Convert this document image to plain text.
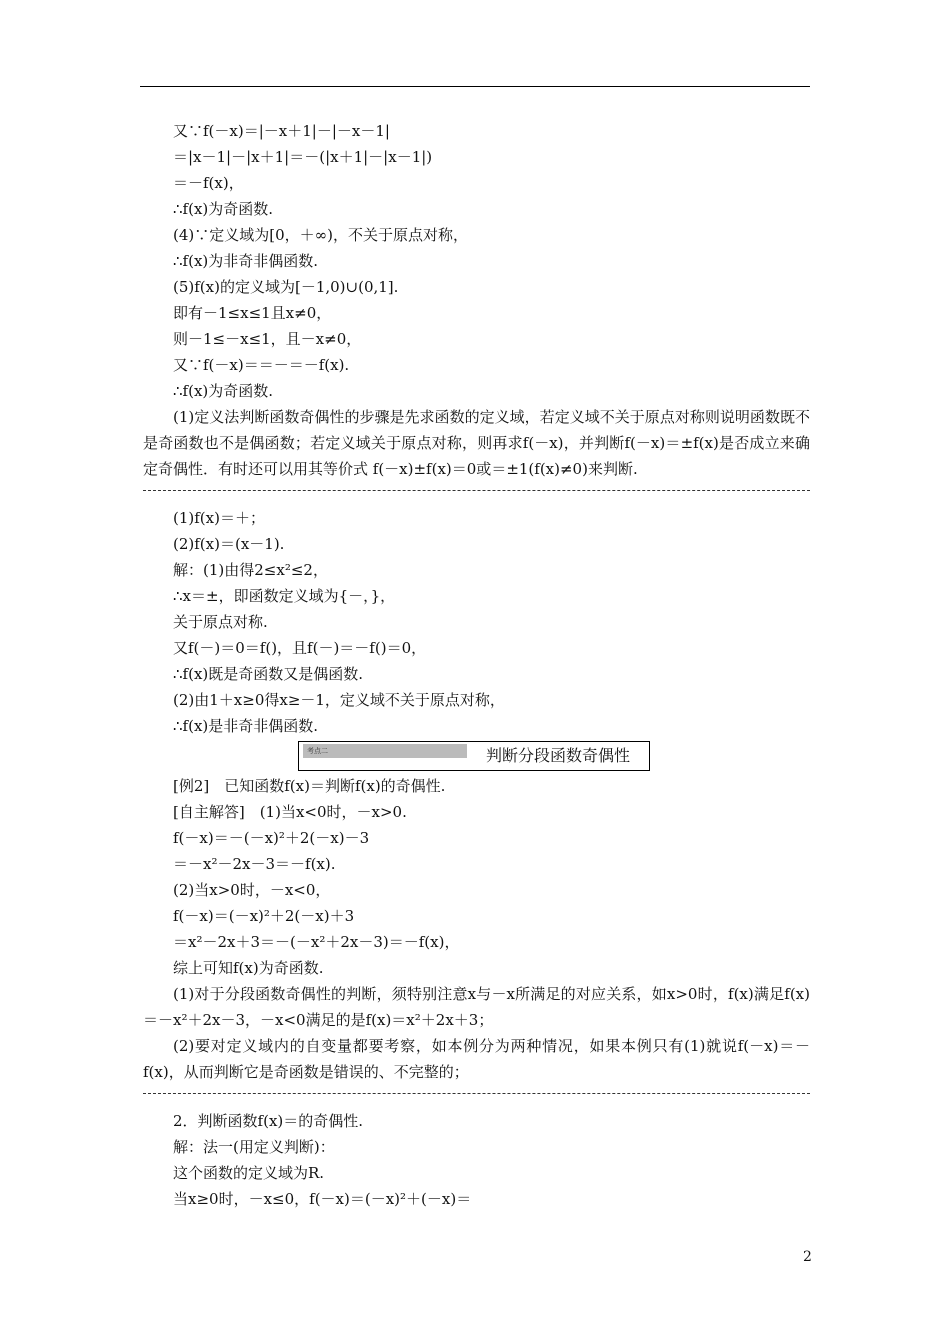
又∵f(－x)＝|－x＋1|－|－x－1|
＝|x－1|－|x＋1|＝－(|x＋1|－|x－1|)
＝－f(x)，
∴f(x)为奇函数.
(4)∵定义域为[0，＋∞)，不关于原点对称，
∴f(x)为非奇非偶函数.
(5)f(x)的定义域为[－1,0)∪(0,1].
即有－1≤x≤1且x≠0，
则－1≤－x≤1，且－x≠0，
又∵f(－x)＝＝－＝－f(x).
∴f(x)为奇函数.
(1)定义法判断函数奇偶性的步骤是先求函数的定义域，若定义域不关于原点对称则说明函数既不是奇函数也不是偶函数；若定义域关于原点对称，则再求f(－x)，并判断f(－x)＝±f(x)是否成立来确定奇偶性．有时还可以用其等价式 f(－x)±f(x)＝0或＝±1(f(x)≠0)来判断.
(1)f(x)＝＋；
(2)f(x)＝(x－1).
解：(1)由得2≤x²≤2，
∴x＝±，即函数定义域为{－，}，
关于原点对称.
又f(－)＝0＝f()，且f(－)＝－f()＝0，
∴f(x)既是奇函数又是偶函数.
(2)由1＋x≥0得x≥－1，定义域不关于原点对称，
∴f(x)是非奇非偶函数.
考点二	判断分段函数奇偶性
[例2]　已知函数f(x)＝判断f(x)的奇偶性.
[自主解答]　(1)当x<0时，－x>0.
f(－x)＝－(－x)²＋2(－x)－3
＝－x²－2x－3＝－f(x).
(2)当x>0时，－x<0，
f(－x)＝(－x)²＋2(－x)＋3
＝x²－2x＋3＝－(－x²＋2x－3)＝－f(x)，
综上可知f(x)为奇函数.
(1)对于分段函数奇偶性的判断，须特别注意x与－x所满足的对应关系，如x>0时，f(x)满足f(x)＝－x²＋2x－3，－x<0满足的是f(x)＝x²＋2x＋3；
(2)要对定义域内的自变量都要考察，如本例分为两种情况，如果本例只有(1)就说f(－x)＝－f(x)，从而判断它是奇函数是错误的、不完整的；
2．判断函数f(x)＝的奇偶性.
解：法一(用定义判断)：
这个函数的定义域为R.
当x≥0时，－x≤0，f(－x)＝(－x)²＋(－x)＝
2
